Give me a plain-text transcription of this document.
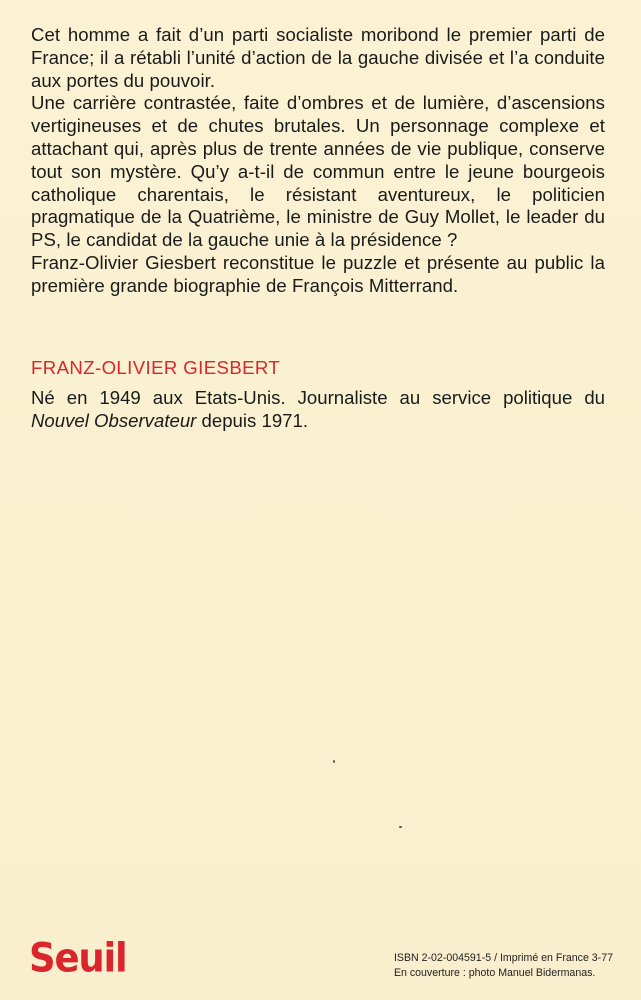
Cet homme a fait d’un parti socialiste moribond le premier parti de France; il a rétabli l’unité d’action de la gauche divisée et l’a conduite aux portes du pouvoir.

Une carrière contrastée, faite d’ombres et de lumière, d’ascensions vertigineuses et de chutes brutales. Un personnage complexe et attachant qui, après plus de trente années de vie publique, conserve tout son mystère. Qu’y a-t-il de commun entre le jeune bourgeois catholique charentais, le résistant aventureux, le politicien pragmatique de la Quatrième, le ministre de Guy Mollet, le leader du PS, le candidat de la gauche unie à la présidence ?

Franz-Olivier Giesbert reconstitue le puzzle et présente au public la première grande biographie de François Mitterrand.

FRANZ-OLIVIER GIESBERT

Né en 1949 aux Etats-Unis. Journaliste au service politique du Nouvel Observateur depuis 1971.

Seuil	ISBN 2-02-004591-5 / Imprimé en France 3-77
En couverture : photo Manuel Bidermanas.
